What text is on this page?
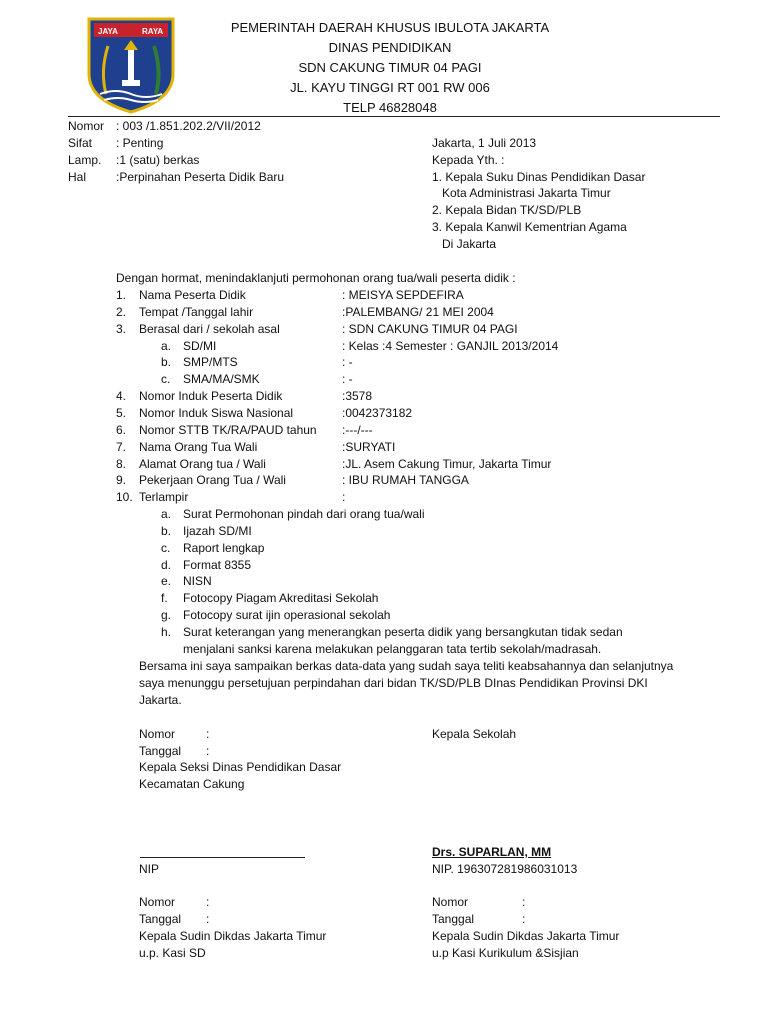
JAYA	RAYA	PEMERINTAH DAERAH KHUSUS IBULOTA JAKARTA
DINAS PENDIDIKAN
SDN CAKUNG TIMUR 04 PAGI
JL. KAYU TINGGI RT 001 RW 006
TELP 46828048
Nomor : 003 /1.851.202.2/VII/2012
Sifat : Penting
Lamp. :1 (satu) berkas
Hal :Perpinahan Peserta Didik Baru
Jakarta, 1 Juli 2013
Kepada Yth. :
1. Kepala Suku Dinas Pendidikan Dasar
Kota Administrasi Jakarta Timur
2. Kepala Bidan TK/SD/PLB
3. Kepala Kanwil Kementrian Agama
Di Jakarta
Dengan hormat, menindaklanjuti permohonan orang tua/wali peserta didik :
1. Nama Peserta Didik	: MEISYA SEPDEFIRA
2. Tempat /Tanggal lahir	:PALEMBANG/ 21 MEI 2004
3. Berasal dari / sekolah asal	: SDN CAKUNG TIMUR 04 PAGI
a. SD/MI	: Kelas :4 Semester : GANJIL 2013/2014
b. SMP/MTS	: -
c. SMA/MA/SMK	: -
4. Nomor Induk Peserta Didik	:3578
5. Nomor Induk Siswa Nasional	:0042373182
6. Nomor STTB TK/RA/PAUD tahun :---/---
7. Nama Orang Tua Wali	:SURYATI
8. Alamat Orang tua / Wali	:JL. Asem Cakung Timur, Jakarta Timur
9. Pekerjaan Orang Tua / Wali	: IBU RUMAH TANGGA
10. Terlampir	:
a. Surat Permohonan pindah dari orang tua/wali
b. Ijazah SD/MI
c. Raport lengkap
d. Format 8355
e. NISN
f. Fotocopy Piagam Akreditasi Sekolah
g. Fotocopy surat ijin operasional sekolah
h. Surat keterangan yang menerangkan peserta didik yang bersangkutan tidak sedan
menjalani sanksi karena melakukan pelanggaran tata tertib sekolah/madrasah.
Bersama ini saya sampaikan berkas data-data yang sudah saya teliti keabsahannya dan selanjutnya
saya menunggu persetujuan perpindahan dari bidan TK/SD/PLB DInas Pendidikan Provinsi DKI
Jakarta.
Nomor	:
Tanggal :
Kepala Seksi Dinas Pendidikan Dasar
Kecamatan Cakung
NIP
Kepala Sekolah
Drs. SUPARLAN, MM
NIP. 196307281986031013
Nomor	:
Tanggal :
Kepala Sudin Dikdas Jakarta Timur
u.p. Kasi SD
Nomor	:
Tanggal	:
Kepala Sudin Dikdas Jakarta Timur
u.p Kasi Kurikulum &Sisjian
